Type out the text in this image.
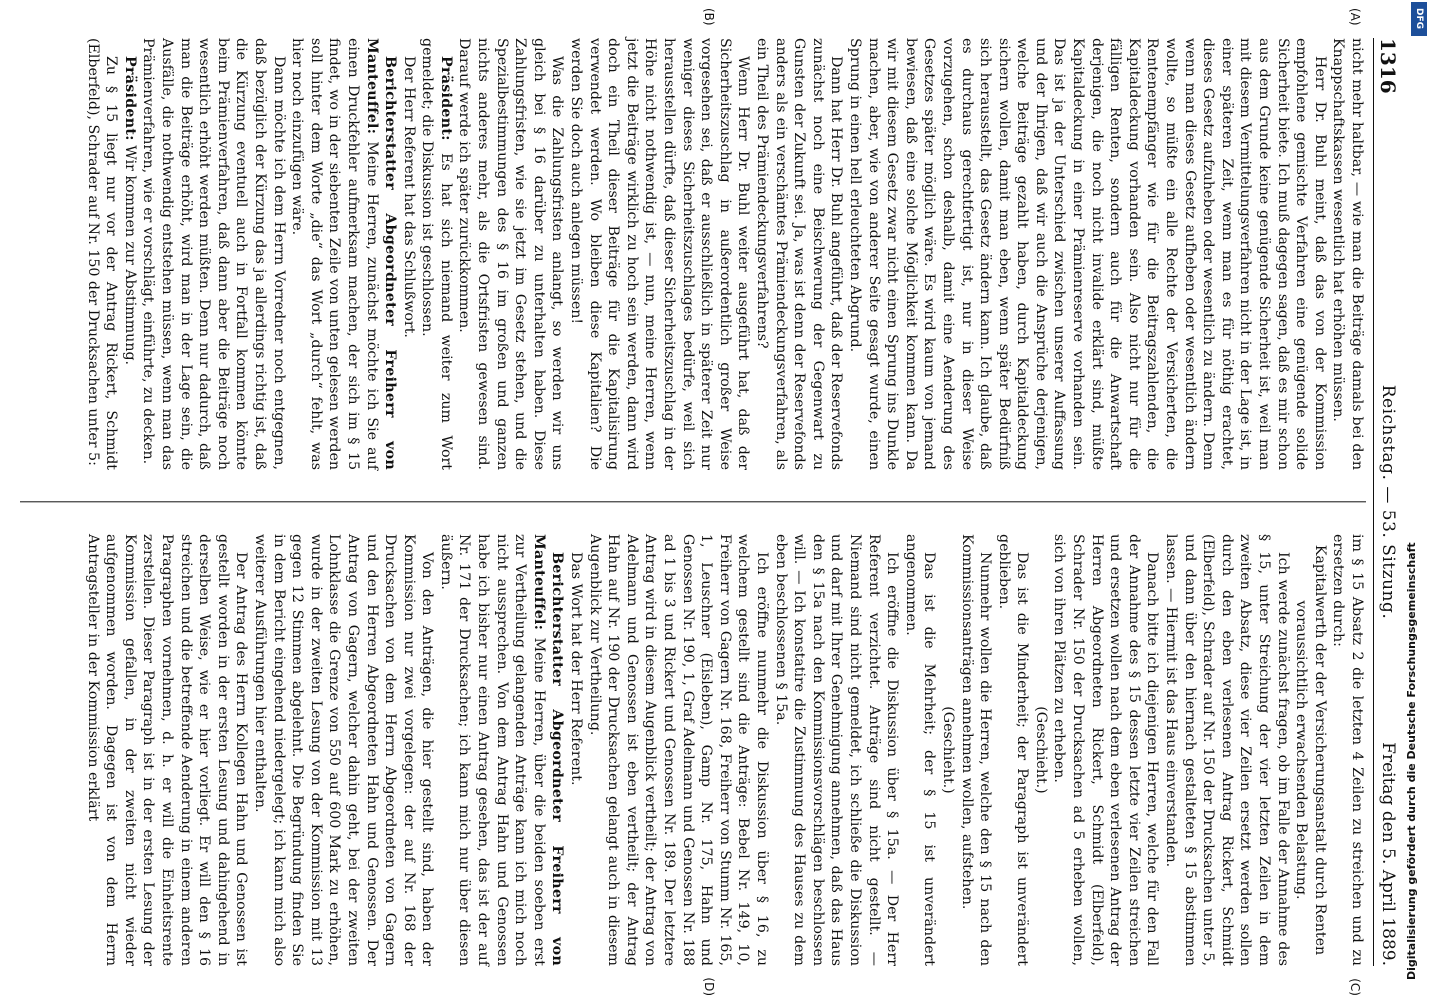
1316
Reichstag. — 53. Sitzung.
Freitag den 5. April 1889.
(A)
(B)

nicht mehr haltbar, — wie man die Beiträge damals bei den Knappschaftskassen wesentlich hat erhöhen müssen.

Herr Dr. Buhl meint, daß das von der Kommission empfohlene gemischte Verfahren eine genügende solide Sicherheit biete. Ich muß dagegen sagen, daß es mir schon aus dem Grunde keine genügende Sicherheit ist, weil man mit diesem Vermittelungsverfahren nicht in der Lage ist, in einer späteren Zeit, wenn man es für nöthig erachtet, dieses Gesetz aufzuheben oder wesentlich zu ändern. Denn wenn man dieses Gesetz aufheben oder wesentlich ändern wollte, so müßte ein alle Rechte der Versicherten, die Rentenempfänger wie für die Beitragszahlenden, die Kapitaldeckung vorhanden sein. Also nicht nur für die fälligen Renten, sondern auch für die Anwartschaft derjenigen, die noch nicht invalide erklärt sind, müßte Kapitaldeckung in einer Prämienreserve vorhanden sein. Das ist ja der Unterschied zwischen unserer Auffassung und der Ihrigen, daß wir auch die Ansprüche derjenigen, welche Beiträge gezahlt haben, durch Kapitaldeckung sichern wollen, damit man eben, wenn später Bedürfniß sich herausstellt, das Gesetz ändern kann. Ich glaube, daß es durchaus gerechtfertigt ist, nur in dieser Weise vorzugehen, schon deshalb, damit eine Aenderung des Gesetzes später möglich wäre. Es wird kaum von jemand bewiesen, daß eine solche Möglichkeit kommen kann. Da wir mit diesem Gesetz zwar nicht einen Sprung ins Dunkle machen, aber, wie von anderer Seite gesagt wurde, einen Sprung in einen hell erleuchteten Abgrund.

Dann hat Herr Dr. Buhl angeführt, daß der Reservefonds zunächst noch eine Beischwerung der Gegenwart zu Gunsten der Zukunft sei. Ja, was ist denn der Reservefonds anders als ein verschämtes Prämiendeckungsverfahren, als ein Theil des Prämiendeckungsverfahrens?

Wenn Herr Dr. Buhl weiter ausgeführt hat, daß der Sicherheitszuschlag in außerordentlich großer Weise vorgesehen sei, daß er ausschließlich in späterer Zeit nur weniger dieses Sicherheitszuschlages bedürfe, weil sich herausstellen dürfte, daß dieser Sicherheitszuschlag in der Höhe nicht nothwendig ist, — nun, meine Herren, wenn jetzt die Beiträge wirklich zu hoch sein werden, dann wird doch ein Theil dieser Beiträge für die Kapitalisirung verwendet werden. Wo bleiben diese Kapitalien? Die werden Sie doch auch anlegen müssen!

Was die Zahlungsfristen anlangt, so werden wir uns gleich bei § 16 darüber zu unterhalten haben. Diese Zahlungsfristen, wie sie jetzt im Gesetz stehen, und die Spezialbestimmungen des § 16 im großen und ganzen nichts anderes mehr, als die Ortsfristen gewesen sind. Darauf werde ich später zurückkommen.

Präsident: Es hat sich niemand weiter zum Wort gemeldet; die Diskussion ist geschlossen.

Der Herr Referent hat das Schlußwort.

Berichterstatter Abgeordneter Freiherr von Manteuffel: Meine Herren, zunächst möchte ich Sie auf einen Druckfehler aufmerksam machen, der sich im § 15 findet, wo in der siebenten Zeile von unten gelesen werden soll hinter dem Worte „die“ das Wort „durch“ fehlt, was hier noch einzufügen wäre.

Dann möchte ich dem Herrn Vorredner noch entgegnen, daß bezüglich der Kürzung das ja allerdings richtig ist, daß die Kürzung eventuell auch in Fortfall kommen könnte beim Prämienverfahren, daß dann aber die Beiträge noch wesentlich erhöht werden müßten. Denn nur dadurch, daß man die Beiträge erhöht, wird man in der Lage sein, die Ausfälle, die nothwendig entstehen müssen, wenn man das Prämienverfahren, wie er vorschlägt, einführte, zu decken.

Präsident: Wir kommen zur Abstimmung.

Zu § 15 liegt nur vor der Antrag Rickert, Schmidt (Elberfeld), Schrader auf Nr. 150 der Drucksachen unter 5:

(C)
(D)

im § 15 Absatz 2 die letzten 4 Zeilen zu streichen und zu ersetzen durch:

Kapitalwerth der der Versicherungsanstalt durch Renten voraussichtlich erwachsenden Belastung.

Ich werde zunächst fragen, ob im Falle der Annahme des § 15, unter Streichung der vier letzten Zeilen in dem zweiten Absatz, diese vier Zeilen ersetzt werden sollen durch den eben verlesenen Antrag Rickert, Schmidt (Elberfeld), Schrader auf Nr. 150 der Drucksachen unter 5, und dann über den hiernach gestalteten § 15 abstimmen lassen. — Hiermit ist das Haus einverstanden.

Danach bitte ich diejenigen Herren, welche für den Fall der Annahme des § 15 dessen letzte vier Zeilen streichen und ersetzen wollen nach dem eben verlesenen Antrag der Herren Abgeordneten Rickert, Schmidt (Elberfeld), Schrader Nr. 150 der Drucksachen ad 5 erheben wollen, sich von ihren Plätzen zu erheben.

(Geschieht.)

Das ist die Minderheit; der Paragraph ist unverändert geblieben.

Nunmehr wollen die Herren, welche den § 15 nach den Kommissionsanträgen annehmen wollen, aufstehen.

(Geschieht.)

Das ist die Mehrheit; der § 15 ist unverändert angenommen.

Ich eröffne die Diskussion über § 15a. — Der Herr Referent verzichtet. Anträge sind nicht gestellt. — Niemand sind nicht gemeldet, ich schließe die Diskussion und darf mit Ihrer Genehmigung annehmen, daß das Haus den § 15a nach den Kommissionsvorschlägen beschlossen will. — Ich konstatire die Zustimmung des Hauses zu dem eben beschlossenen § 15a.

Ich eröffne nunmehr die Diskussion über § 16, zu welchem gestellt sind die Anträge: Bebel Nr. 149, 10, Freiherr von Gagern Nr. 168, Freiherr von Stumm Nr. 165, 1, Leuschner (Eisleben), Gamp Nr. 175, Hahn und Genossen Nr. 190, 1, Graf Adelmann und Genossen Nr. 188 ad 1 bis 3 und Rickert und Genossen Nr. 189. Der letztere Antrag wird in diesem Augenblick vertheilt; der Antrag von Adelmann und Genossen ist eben vertheilt; der Antrag Hahn auf Nr. 190 der Drucksachen gelangt auch in diesem Augenblick zur Vertheilung.

Das Wort hat der Herr Referent.

Berichterstatter Abgeordneter Freiherr von Manteuffel: Meine Herren, über die beiden soeben erst zur Vertheilung gelangenden Anträge kann ich mich noch nicht aussprechen. Von dem Antrag Hahn und Genossen habe ich bisher nur einen Antrag gesehen, das ist der auf Nr. 171 der Drucksachen; ich kann mich nur über diesen äußern.

Von den Anträgen, die hier gestellt sind, haben der Kommission nur zwei vorgelegen: der auf Nr. 168 der Drucksachen von dem Herrn Abgeordneten von Gagern und den Herren Abgeordneten Hahn und Genossen. Der Antrag von Gagern, welcher dahin geht, bei der zweiten Lohnklasse die Grenze von 550 auf 600 Mark zu erhöhen, wurde in der zweiten Lesung von der Kommission mit 13 gegen 12 Stimmen abgelehnt. Die Begründung finden Sie in dem Bericht eingehend niedergelegt; ich kann mich also weiterer Ausführungen hier enthalten.

Der Antrag des Herrn Kollegen Hahn und Genossen ist gestellt worden in der ersten Lesung und dahingehend in derselben Weise, wie er hier vorliegt. Er will den § 16 streichen und die betreffende Aenderung in einem anderen Paragraphen vornehmen, d. h. er will die Einheitsrente zerstellen. Dieser Paragraph ist in der ersten Lesung der Kommission gefallen, in der zweiten nicht wieder aufgenommen worden. Dagegen ist von dem Herrn Antragsteller in der Kommission erklärt

DFG
Digitalisierung gefördert durch die Deutsche Forschungsgemeinschaft
